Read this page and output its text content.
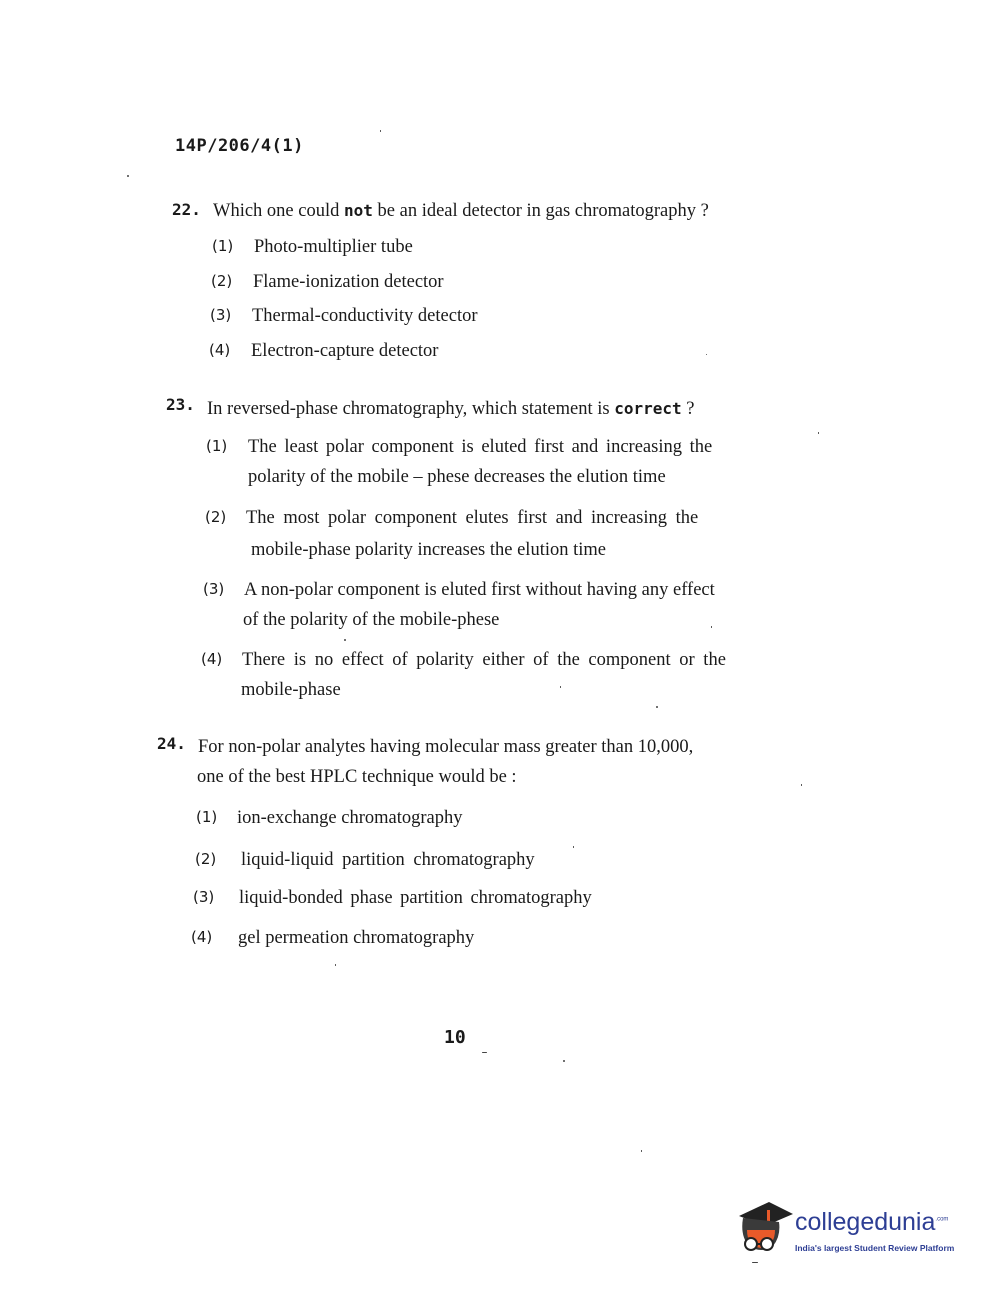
14P/206/4(1)
22. Which one could not be an ideal detector in gas chromatography ?
(1) Photo-multiplier tube
(2) Flame-ionization detector
(3) Thermal-conductivity detector
(4) Electron-capture detector
23. In reversed-phase chromatography, which statement is correct ?
(1) The least polar component is eluted first and increasing the
polarity of the mobile – phese decreases the elution time
(2) The most polar component elutes first and increasing the
mobile-phase polarity increases the elution time
(3) A non-polar component is eluted first without having any effect
of the polarity of the mobile-phese
(4) There is no effect of polarity either of the component or the
mobile-phase
24. For non-polar analytes having molecular mass greater than 10,000,
one of the best HPLC technique would be :
(1) ion-exchange chromatography
(2) liquid-liquid partition chromatography
(3) liquid-bonded phase partition chromatography
(4) gel permeation chromatography
10
collegedunia$^{.com}$
India's largest Student Review Platform
